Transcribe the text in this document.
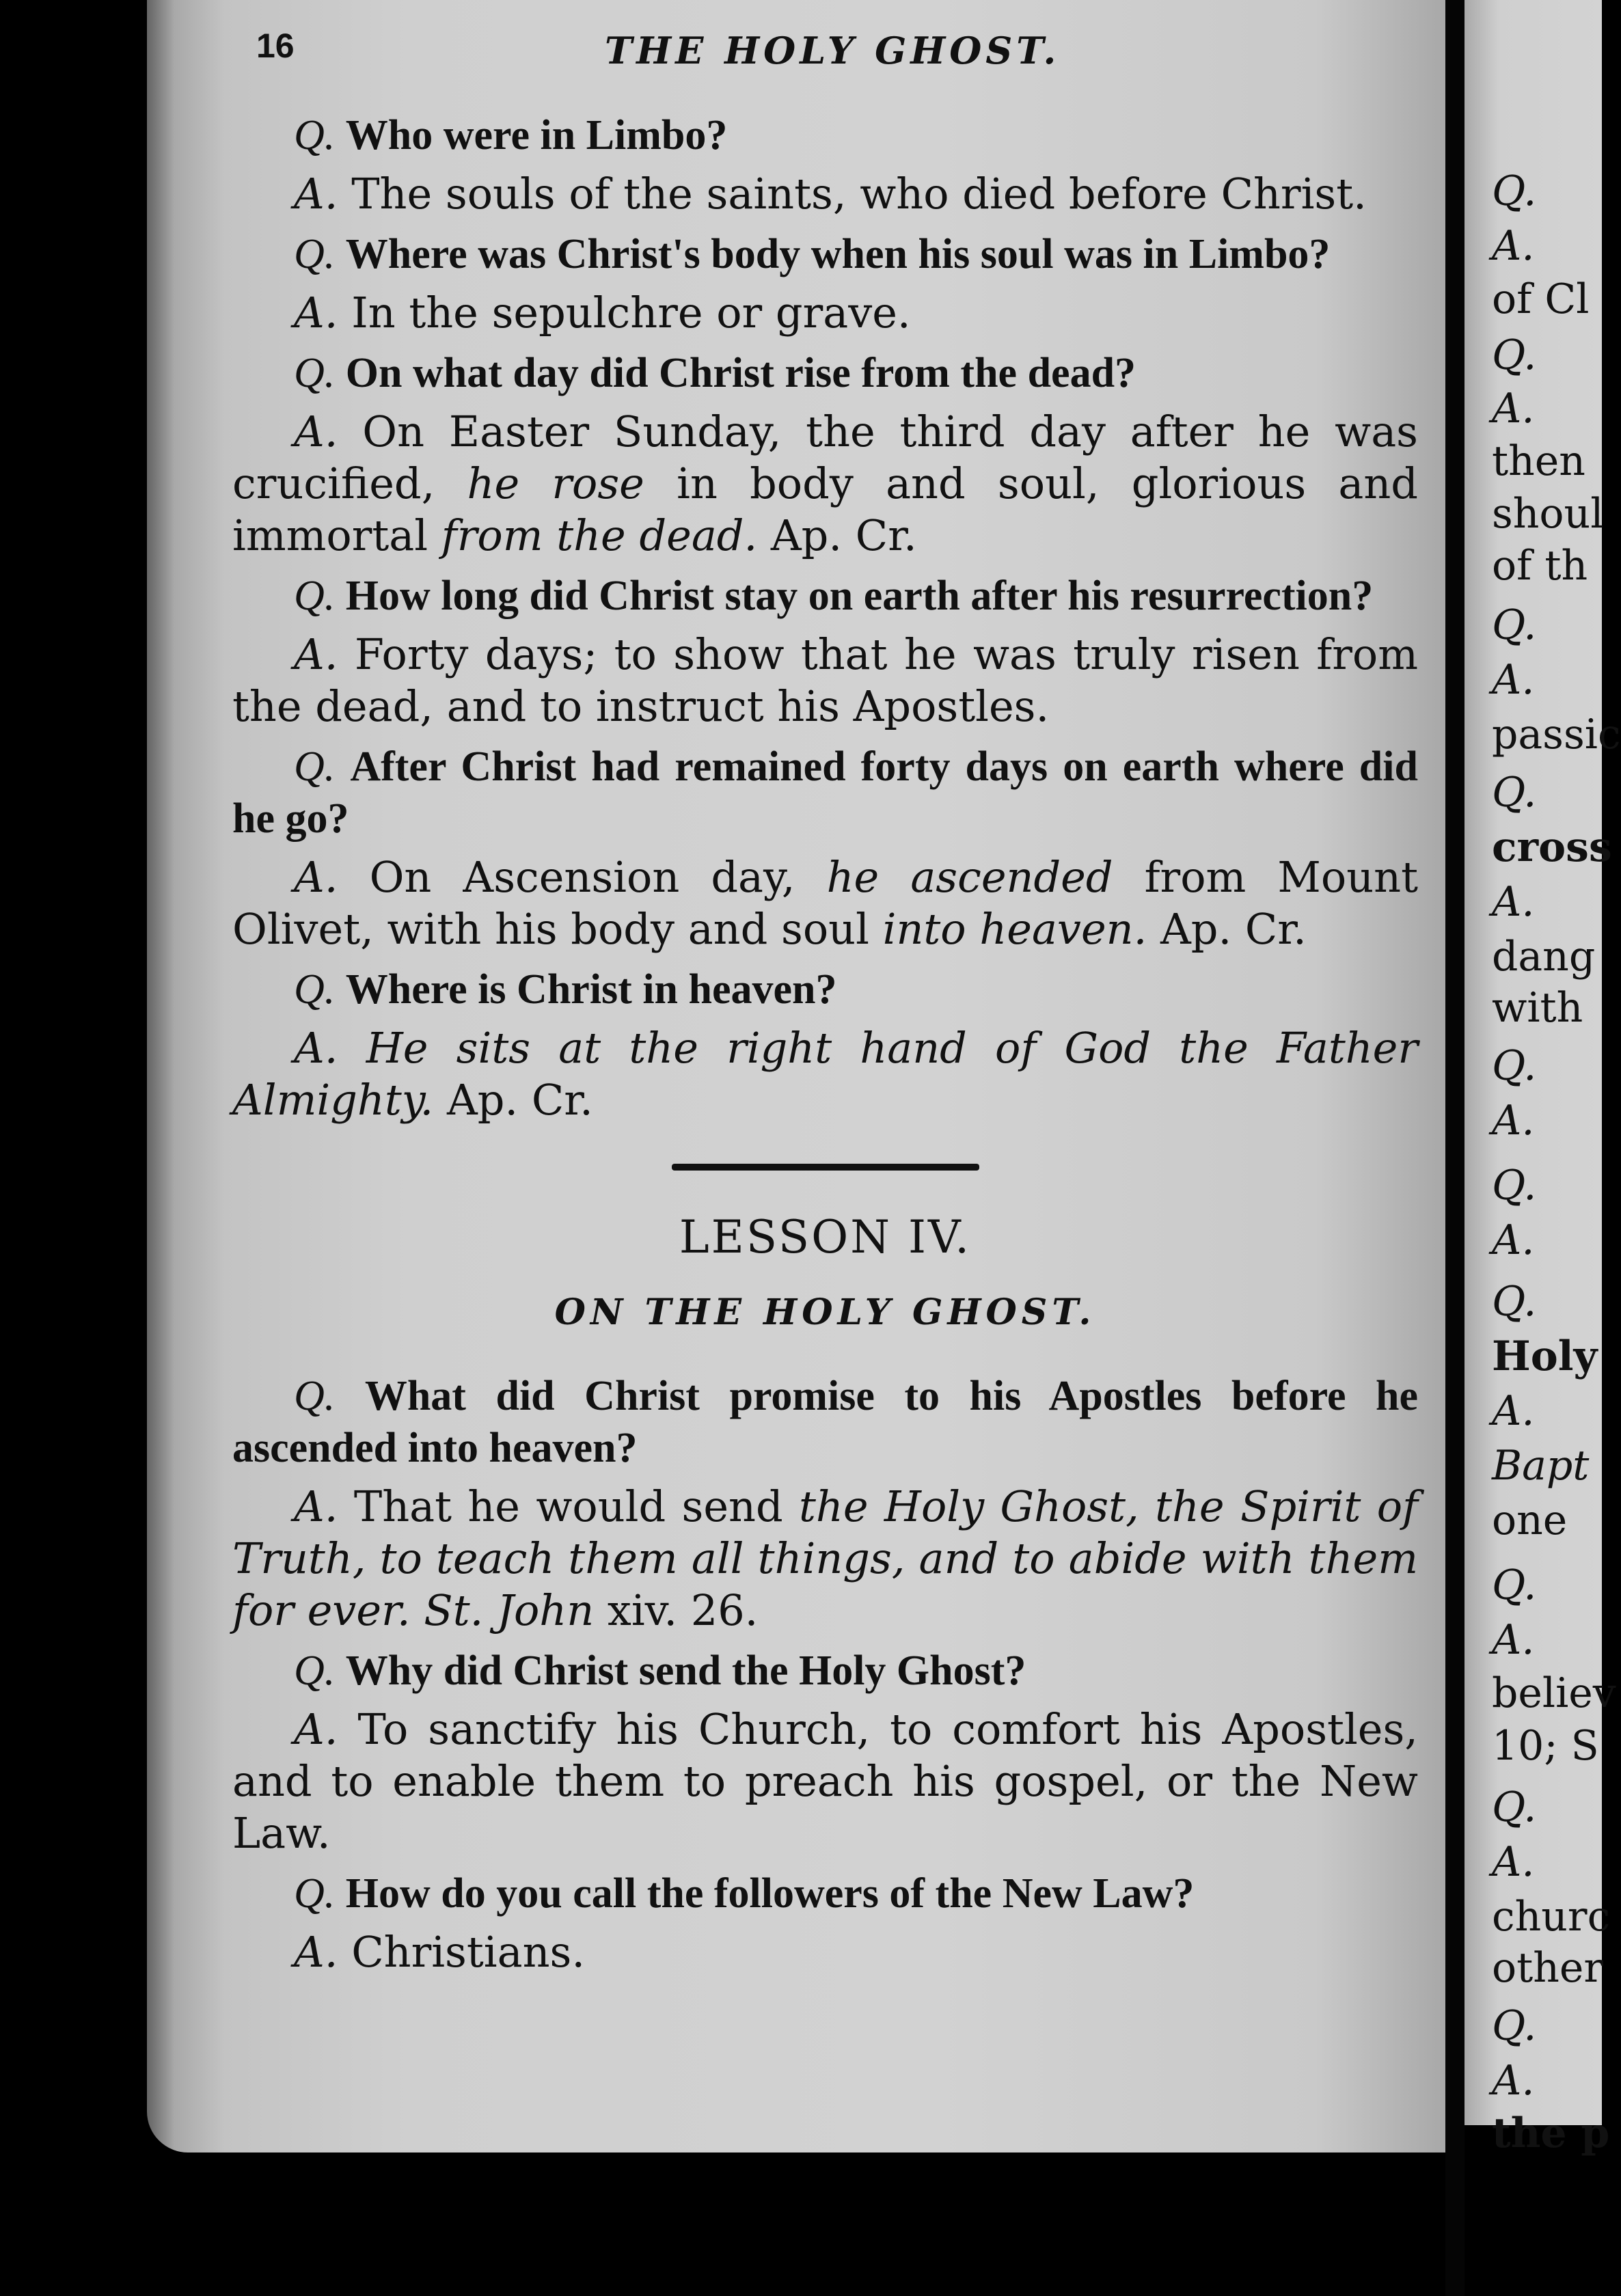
Q.
A.
of Cl
Q.
A.
then
shoul
of th
Q.
A.
passic
Q.
cross
A.
dang
with
Q.
A.
Q.
A.
Q.
Holy
A.
Bapt
one
Q.
A.
believ
10; S
Q.
A.
churc
other
Q.
A.
the p
16	THE HOLY GHOST.
Q. Who were in Limbo?
A. The souls of the saints, who died before Christ.
Q. Where was Christ's body when his soul was in Limbo?
A. In the sepulchre or grave.
Q. On what day did Christ rise from the dead?
A. On Easter Sunday, the third day after he was crucified, he rose in body and soul, glorious and immortal from the dead. Ap. Cr.
Q. How long did Christ stay on earth after his resurrection?
A. Forty days; to show that he was truly risen from the dead, and to instruct his Apostles.
Q. After Christ had remained forty days on earth where did he go?
A. On Ascension day, he ascended from Mount Olivet, with his body and soul into heaven. Ap. Cr.
Q. Where is Christ in heaven?
A. He sits at the right hand of God the Father Almighty. Ap. Cr.
LESSON IV.
ON THE HOLY GHOST.
Q. What did Christ promise to his Apostles before he ascended into heaven?
A. That he would send the Holy Ghost, the Spirit of Truth, to teach them all things, and to abide with them for ever. St. John xiv. 26.
Q. Why did Christ send the Holy Ghost?
A. To sanctify his Church, to comfort his Apostles, and to enable them to preach his gospel, or the New Law.
Q. How do you call the followers of the New Law?
A. Christians.
